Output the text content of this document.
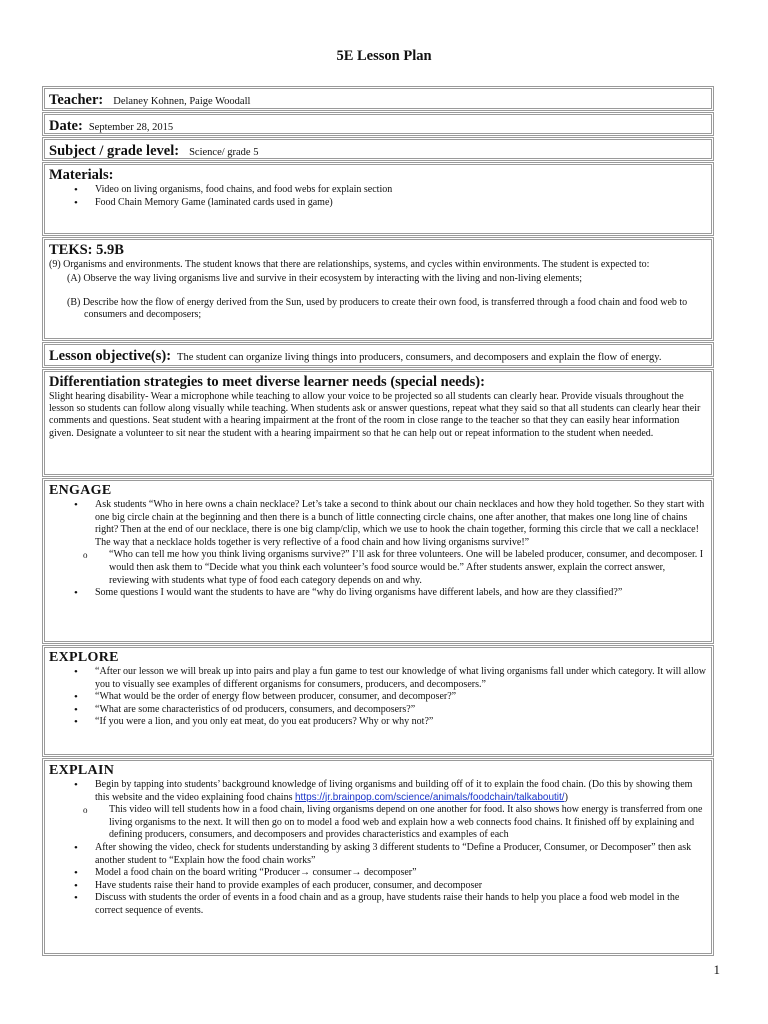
5E Lesson Plan
Teacher: Delaney Kohnen, Paige Woodall
Date: September 28, 2015
Subject / grade level: Science/ grade 5
Materials:
• Video on living organisms, food chains, and food webs for explain section
• Food Chain Memory Game (laminated cards used in game)
TEKS: 5.9B
(9) Organisms and environments. The student knows that there are relationships, systems, and cycles within environments. The student is expected to:
(A) Observe the way living organisms live and survive in their ecosystem by interacting with the living and non-living elements;
(B) Describe how the flow of energy derived from the Sun, used by producers to create their own food, is transferred through a food chain and food web to consumers and decomposers;
Lesson objective(s): The student can organize living things into producers, consumers, and decomposers and explain the flow of energy.
Differentiation strategies to meet diverse learner needs (special needs):
Slight hearing disability- Wear a microphone while teaching to allow your voice to be projected so all students can clearly hear. Provide visuals throughout the lesson so students can follow along visually while teaching. When students ask or answer questions, repeat what they said so that all students can clearly hear their comments and questions. Seat student with a hearing impairment at the front of the room in close range to the teacher so that they can easily hear information given. Designate a volunteer to sit near the student with a hearing impairment so that he can help out or repeat information to the student when needed.
ENGAGE
• Ask students “Who in here owns a chain necklace? Let’s take a second to think about our chain necklaces and how they hold together. So they start with one big circle chain at the beginning and then there is a bunch of little connecting circle chains, one after another, that makes one long line of chains right? Then at the end of our necklace, there is one big clamp/clip, which we use to hook the chain together, forming this circle that we call a necklace! The way that a necklace holds together is very reflective of a food chain and how living organisms survive!”
o “Who can tell me how you think living organisms survive?” I’ll ask for three volunteers. One will be labeled producer, consumer, and decomposer. I would then ask them to “Decide what you think each volunteer’s food source would be.” After students answer, explain the correct answer, reviewing with students what type of food each category depends on and why.
• Some questions I would want the students to have are “why do living organisms have different labels, and how are they classified?”
EXPLORE
• “After our lesson we will break up into pairs and play a fun game to test our knowledge of what living organisms fall under which category. It will allow you to visually see examples of different organisms for consumers, producers, and decomposers.”
• “What would be the order of energy flow between producer, consumer, and decomposer?”
• “What are some characteristics of od producers, consumers, and decomposers?”
• “If you were a lion, and you only eat meat, do you eat producers? Why or why not?”
EXPLAIN
• Begin by tapping into students’ background knowledge of living organisms and building off of it to explain the food chain. (Do this by showing them this website and the video explaining food chains https://jr.brainpop.com/science/animals/foodchain/talkaboutit/)
o This video will tell students how in a food chain, living organisms depend on one another for food. It also shows how energy is transferred from one living organisms to the next. It will then go on to model a food web and explain how a web connects food chains. It finished off by explaining and defining producers, consumers, and decomposers and provides characteristics and examples of each
• After showing the video, check for students understanding by asking 3 different students to “Define a Producer, Consumer, or Decomposer” then ask another student to “Explain how the food chain works”
• Model a food chain on the board writing “Producer→ consumer→ decomposer”
• Have students raise their hand to provide examples of each producer, consumer, and decomposer
• Discuss with students the order of events in a food chain and as a group, have students raise their hands to help you place a food web model in the correct sequence of events.
1
